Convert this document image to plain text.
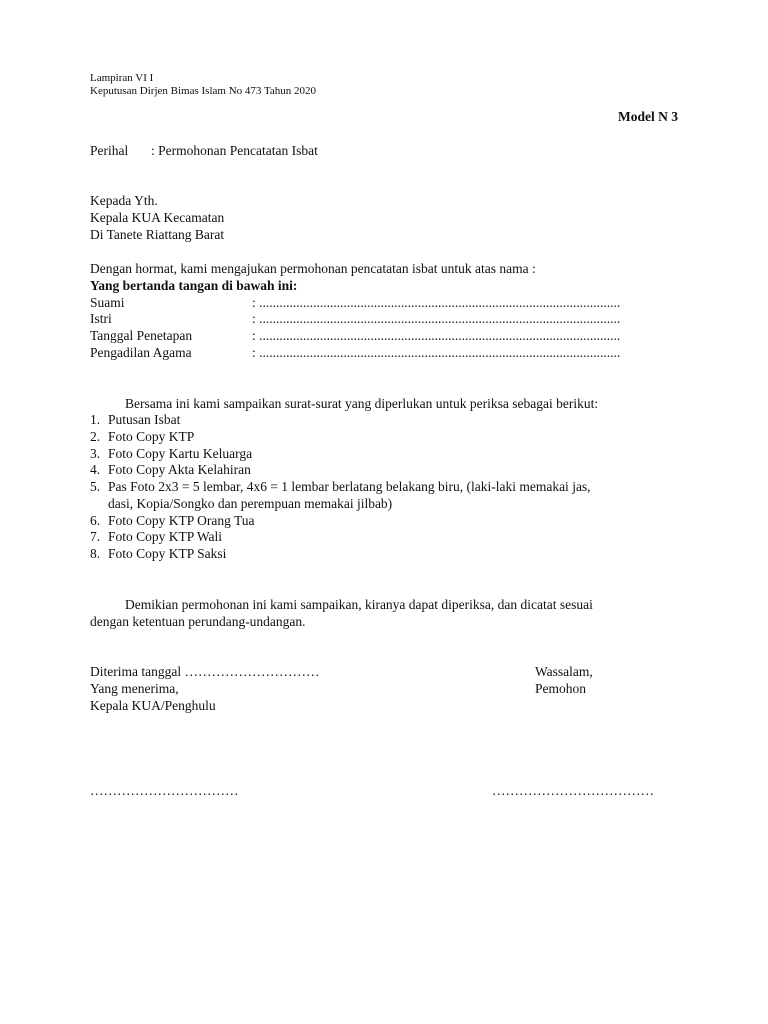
Lampiran VI I
Keputusan Dirjen Bimas Islam No 473 Tahun 2020
Model N 3
Perihal : Permohonan Pencatatan Isbat
Kepada Yth.
Kepala KUA Kecamatan
Di Tanete Riattang Barat
Dengan hormat, kami mengajukan permohonan pencatatan isbat untuk atas nama :
Yang bertanda tangan di bawah ini:
Suami	: ...........................................................................................................
Istri	: ...........................................................................................................
Tanggal Penetapan	: ...........................................................................................................
Pengadilan Agama	: ...........................................................................................................
Bersama ini kami sampaikan surat-surat yang diperlukan untuk periksa sebagai berikut:
1. Putusan Isbat
2. Foto Copy KTP
3. Foto Copy Kartu Keluarga
4. Foto Copy Akta Kelahiran
5. Pas Foto 2x3 = 5 lembar, 4x6 = 1 lembar berlatang belakang biru, (laki-laki memakai jas,
dasi, Kopia/Songko dan perempuan memakai jilbab)
6. Foto Copy KTP Orang Tua
7. Foto Copy KTP Wali
8. Foto Copy KTP Saksi
Demikian permohonan ini kami sampaikan, kiranya dapat diperiksa, dan dicatat sesuai
dengan ketentuan perundang-undangan.
Diterima tanggal …………………………
Yang menerima,
Kepala KUA/Penghulu
……………………………
Wassalam,
Pemohon
………………………………
